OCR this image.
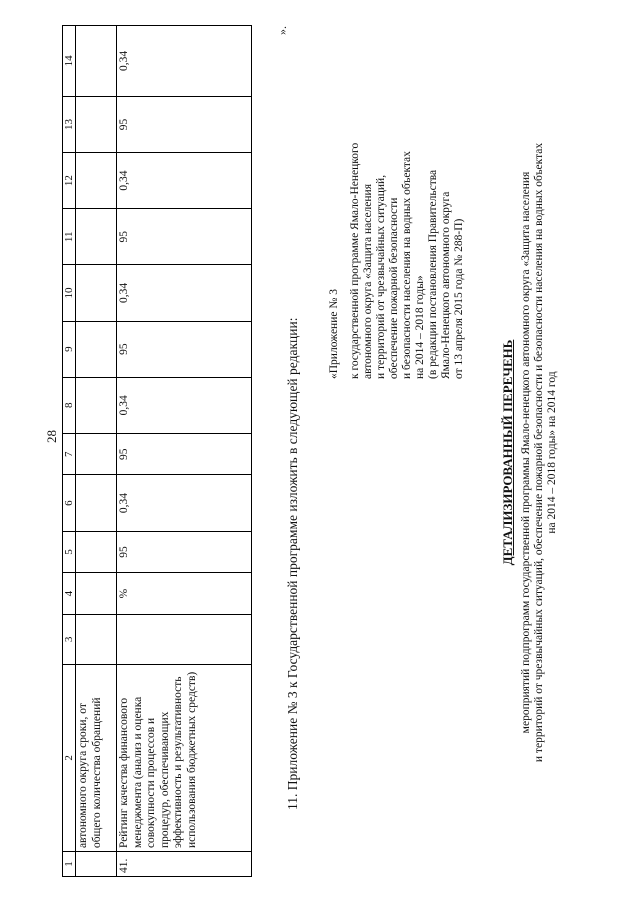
28
1	2	3	4	5	6	7	8	9	10	11	12	13	14
	автономного округа сроки, от общего количества обращений												
41.	Рейтинг качества финансового менеджмента (анализ и оценка совокупности процессов и процедур, обеспечивающих эффективность и результативность использования бюджетных средств)		%	95	0,34	95	0,34	95	0,34	95	0,34	95	0,34
».
11. Приложение № 3 к Государственной программе изложить в следующей редакции: «Приложение № 3 к государственной программе Ямало-Ненецкого автономного округа «Защита населения и территорий от чрезвычайных ситуаций, обеспечение пожарной безопасности и безопасности населения на водных объектах на 2014 – 2018 годы» (в редакции постановления Правительства Ямало-Ненецкого автономного округа от 13 апреля 2015 года № 288-П)
ДЕТАЛИЗИРОВАННЫЙ ПЕРЕЧЕНЬ мероприятий подпрограмм государственной программы Ямало-ненецкого автономного округа «Защита населения и территорий от чрезвычайных ситуаций, обеспечение пожарной безопасности и безопасности населения на водных объектах на 2014 – 2018 годы» на 2014 год
